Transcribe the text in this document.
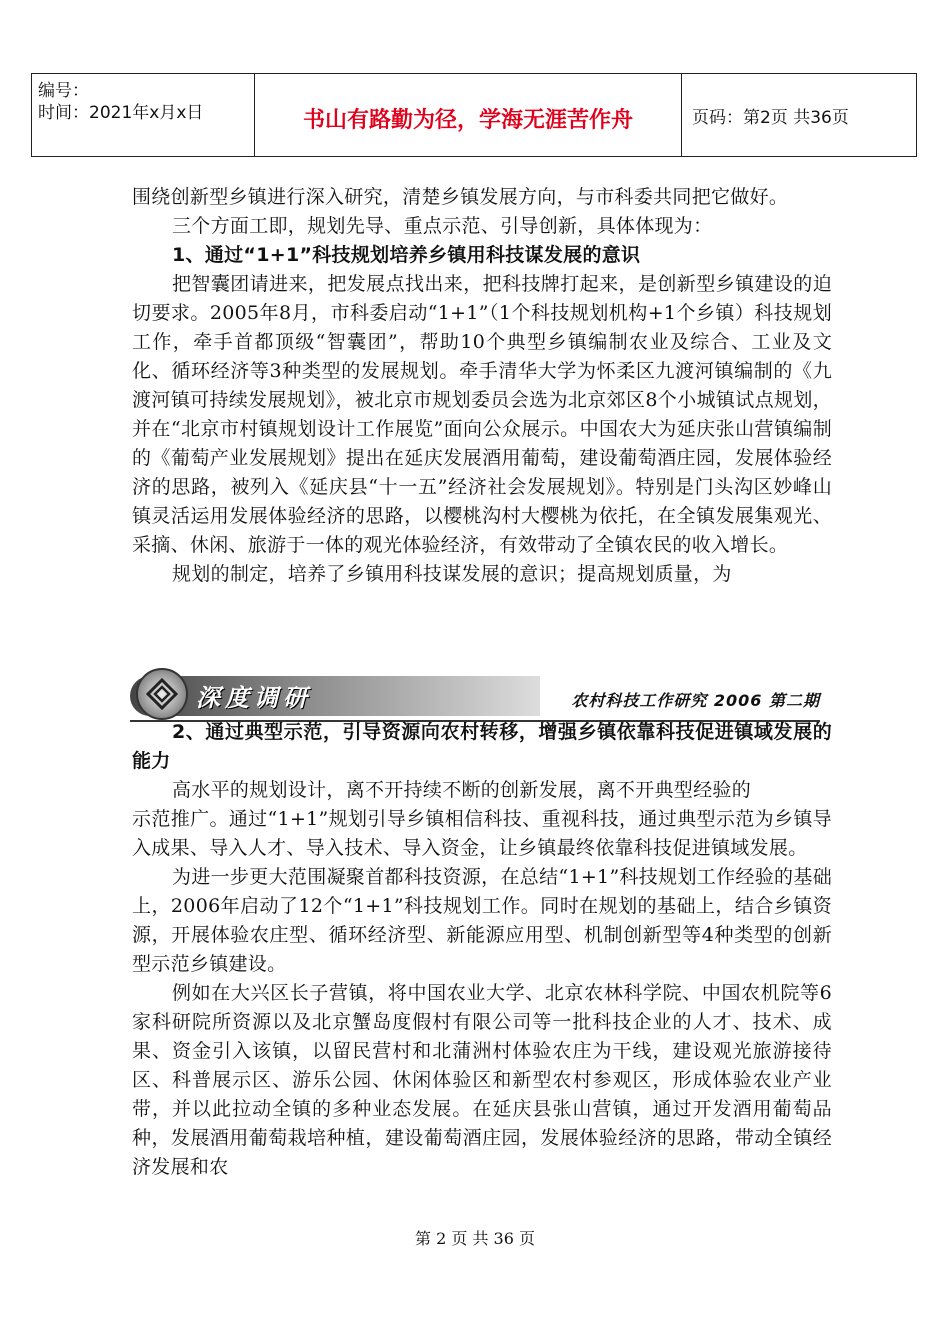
编号：
时间：2021年x月x日	书山有路勤为径，学海无涯苦作舟	页码：第2页 共36页

围绕创新型乡镇进行深入研究，清楚乡镇发展方向，与市科委共同把它做好。

三个方面工即，规划先导、重点示范、引导创新，具体体现为：

1、通过“1+1”科技规划培养乡镇用科技谋发展的意识

把智囊团请进来，把发展点找出来，把科技牌打起来，是创新型乡镇建设的迫切要求。2005年8月，市科委启动“1+1”（1个科技规划机构+1个乡镇）科技规划工作，牵手首都顶级“智囊团”，帮助10个典型乡镇编制农业及综合、工业及文化、循环经济等3种类型的发展规划。牵手清华大学为怀柔区九渡河镇编制的《九渡河镇可持续发展规划》，被北京市规划委员会选为北京郊区8个小城镇试点规划，并在“北京市村镇规划设计工作展览”面向公众展示。中国农大为延庆张山营镇编制的《葡萄产业发展规划》提出在延庆发展酒用葡萄，建设葡萄酒庄园，发展体验经济的思路，被列入《延庆县“十一五”经济社会发展规划》。特别是门头沟区妙峰山镇灵活运用发展体验经济的思路，以樱桃沟村大樱桃为依托，在全镇发展集观光、采摘、休闲、旅游于一体的观光体验经济，有效带动了全镇农民的收入增长。

规划的制定，培养了乡镇用科技谋发展的意识；提高规划质量，为

深度调研	农村科技工作研究 2006 第二期

2、通过典型示范，引导资源向农村转移，增强乡镇依靠科技促进镇域发展的能力

高水平的规划设计，离不开持续不断的创新发展，离不开典型经验的

示范推广。通过“1+1”规划引导乡镇相信科技、重视科技，通过典型示范为乡镇导入成果、导入人才、导入技术、导入资金，让乡镇最终依靠科技促进镇域发展。

为进一步更大范围凝聚首都科技资源，在总结“1+1”科技规划工作经验的基础上，2006年启动了12个“1+1”科技规划工作。同时在规划的基础上，结合乡镇资源，开展体验农庄型、循环经济型、新能源应用型、机制创新型等4种类型的创新型示范乡镇建设。

例如在大兴区长子营镇，将中国农业大学、北京农林科学院、中国农机院等6家科研院所资源以及北京蟹岛度假村有限公司等一批科技企业的人才、技术、成果、资金引入该镇，以留民营村和北蒲洲村体验农庄为干线，建设观光旅游接待区、科普展示区、游乐公园、休闲体验区和新型农村参观区，形成体验农业产业带，并以此拉动全镇的多种业态发展。在延庆县张山营镇，通过开发酒用葡萄品种，发展酒用葡萄栽培种植，建设葡萄酒庄园，发展体验经济的思路，带动全镇经济发展和农

第 2 页 共 36 页
